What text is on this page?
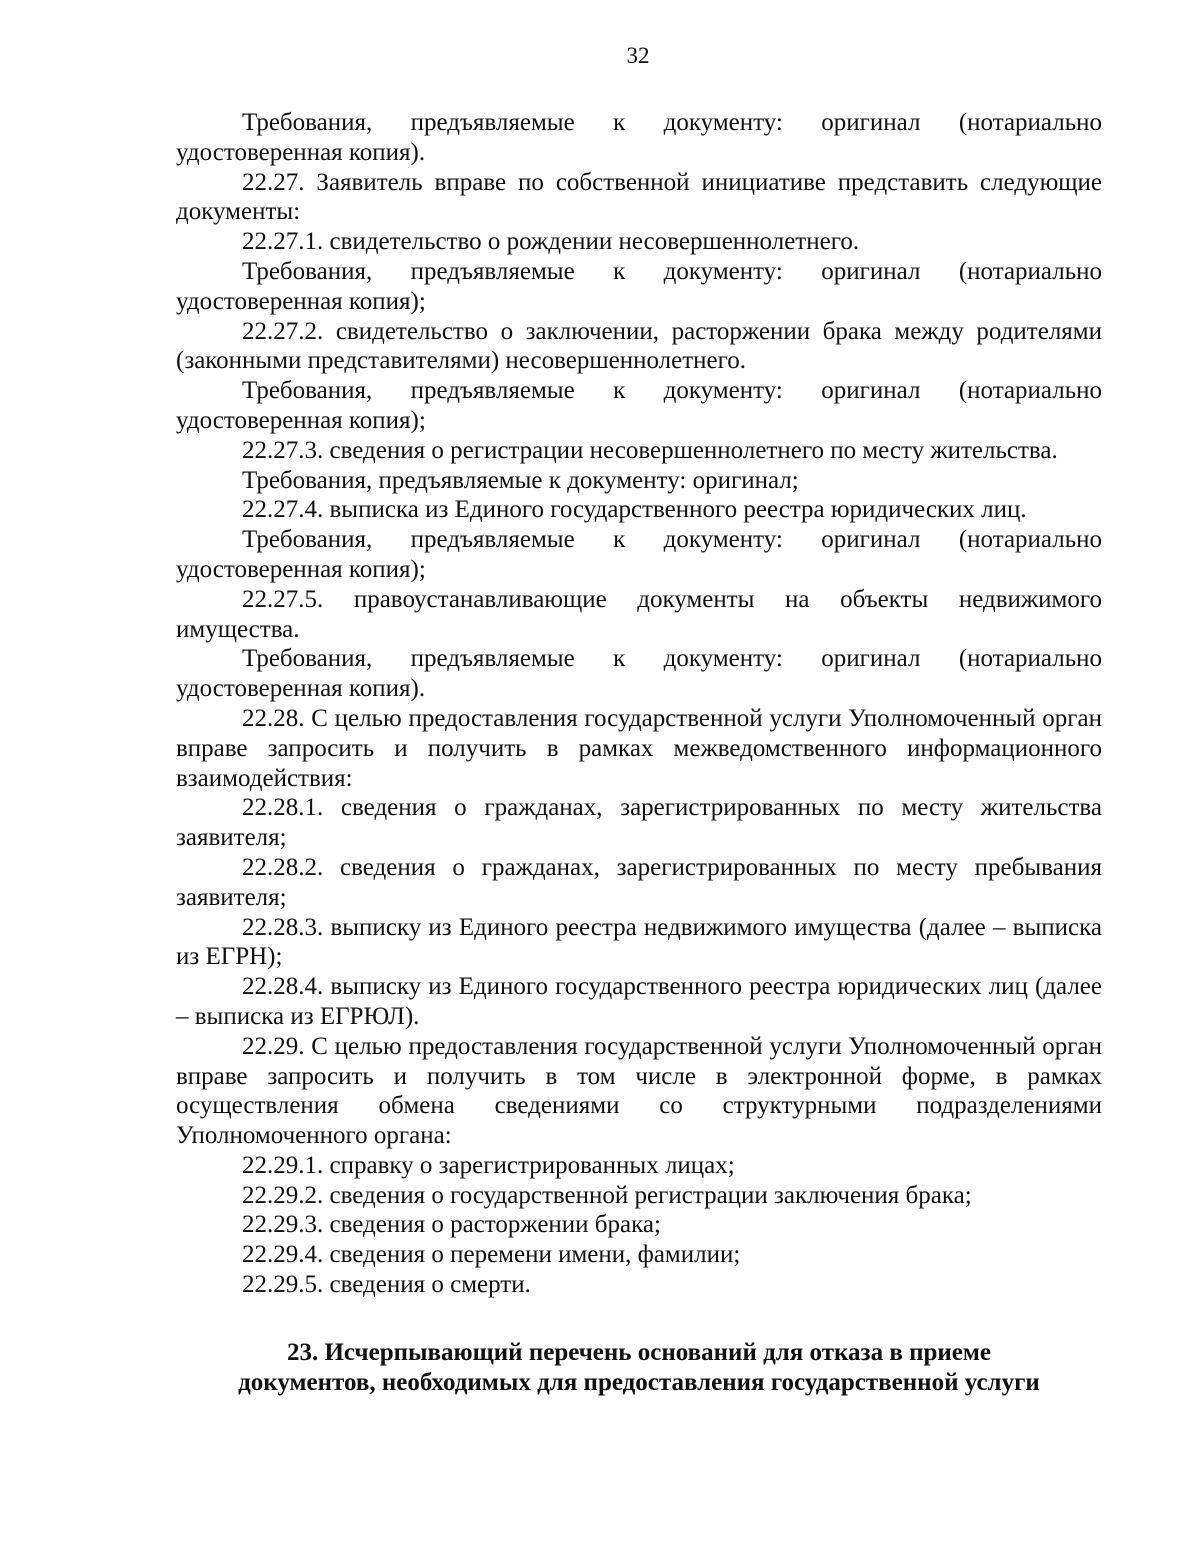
32

Требования, предъявляемые к документу: оригинал (нотариально удостоверенная копия).

22.27. Заявитель вправе по собственной инициативе представить следующие документы:

22.27.1. свидетельство о рождении несовершеннолетнего.

Требования, предъявляемые к документу: оригинал (нотариально удостоверенная копия);

22.27.2. свидетельство о заключении, расторжении брака между родителями (законными представителями) несовершеннолетнего.

Требования, предъявляемые к документу: оригинал (нотариально удостоверенная копия);

22.27.3. сведения о регистрации несовершеннолетнего по месту жительства.

Требования, предъявляемые к документу: оригинал;

22.27.4. выписка из Единого государственного реестра юридических лиц.

Требования, предъявляемые к документу: оригинал (нотариально удостоверенная копия);

22.27.5. правоустанавливающие документы на объекты недвижимого имущества.

Требования, предъявляемые к документу: оригинал (нотариально удостоверенная копия).

22.28. С целью предоставления государственной услуги Уполномоченный орган вправе запросить и получить в рамках межведомственного информационного взаимодействия:

22.28.1. сведения о гражданах, зарегистрированных по месту жительства заявителя;

22.28.2. сведения о гражданах, зарегистрированных по месту пребывания заявителя;

22.28.3. выписку из Единого реестра недвижимого имущества (далее – выписка из ЕГРН);

22.28.4. выписку из Единого государственного реестра юридических лиц (далее – выписка из ЕГРЮЛ).

22.29. С целью предоставления государственной услуги Уполномоченный орган вправе запросить и получить в том числе в электронной форме, в рамках осуществления обмена сведениями со структурными подразделениями Уполномоченного органа:

22.29.1. справку о зарегистрированных лицах;

22.29.2. сведения о государственной регистрации заключения брака;

22.29.3. сведения о расторжении брака;

22.29.4. сведения о перемени имени, фамилии;

22.29.5. сведения о смерти.

23. Исчерпывающий перечень оснований для отказа в приеме
документов, необходимых для предоставления государственной услуги
